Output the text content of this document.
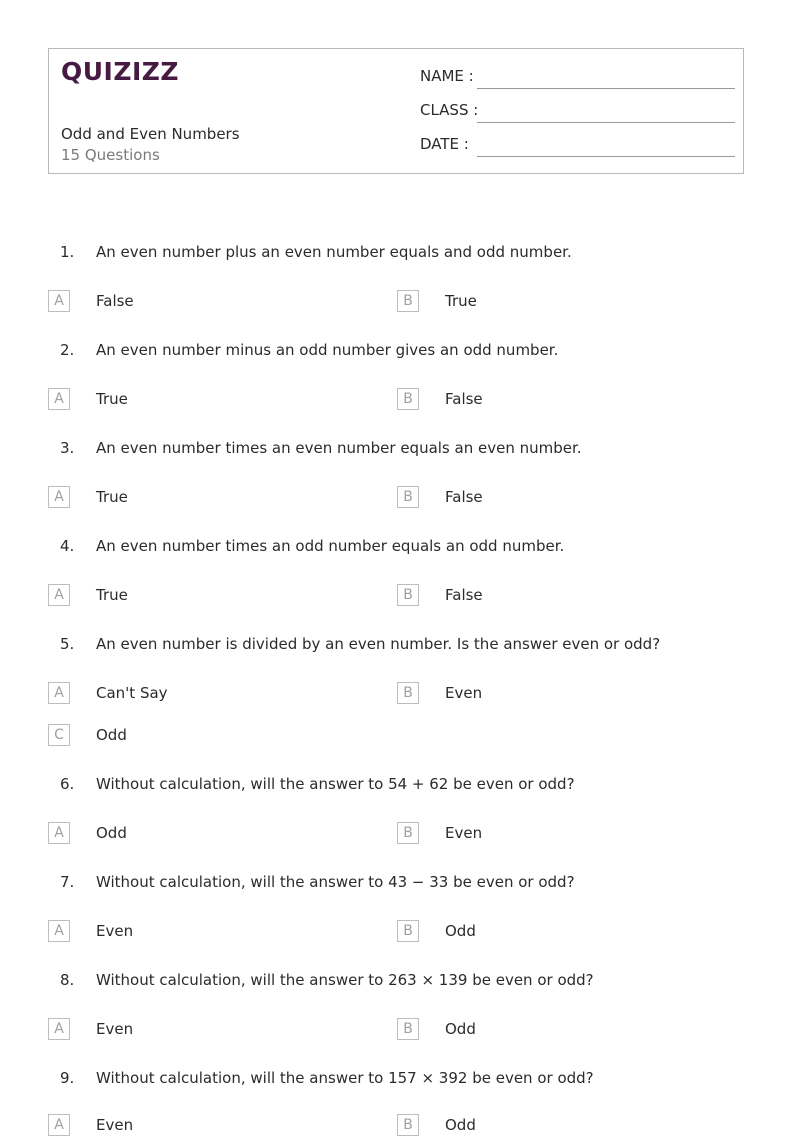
QUIZIZZ
Odd and Even Numbers
15 Questions
NAME :
CLASS :
DATE :
1.	An even number plus an even number equals and odd number.
A	False	B	True
2.	An even number minus an odd number gives an odd number.
A	True	B	False
3.	An even number times an even number equals an even number.
A	True	B	False
4.	An even number times an odd number equals an odd number.
A	True	B	False
5.	An even number is divided by an even number. Is the answer even or odd?
A	Can't Say	B	Even
C	Odd
6.	Without calculation, will the answer to 54 + 62 be even or odd?
A	Odd	B	Even
7.	Without calculation, will the answer to 43 − 33 be even or odd?
A	Even	B	Odd
8.	Without calculation, will the answer to 263 × 139 be even or odd?
A	Even	B	Odd
9.	Without calculation, will the answer to 157 × 392 be even or odd?
A	Even	B	Odd
